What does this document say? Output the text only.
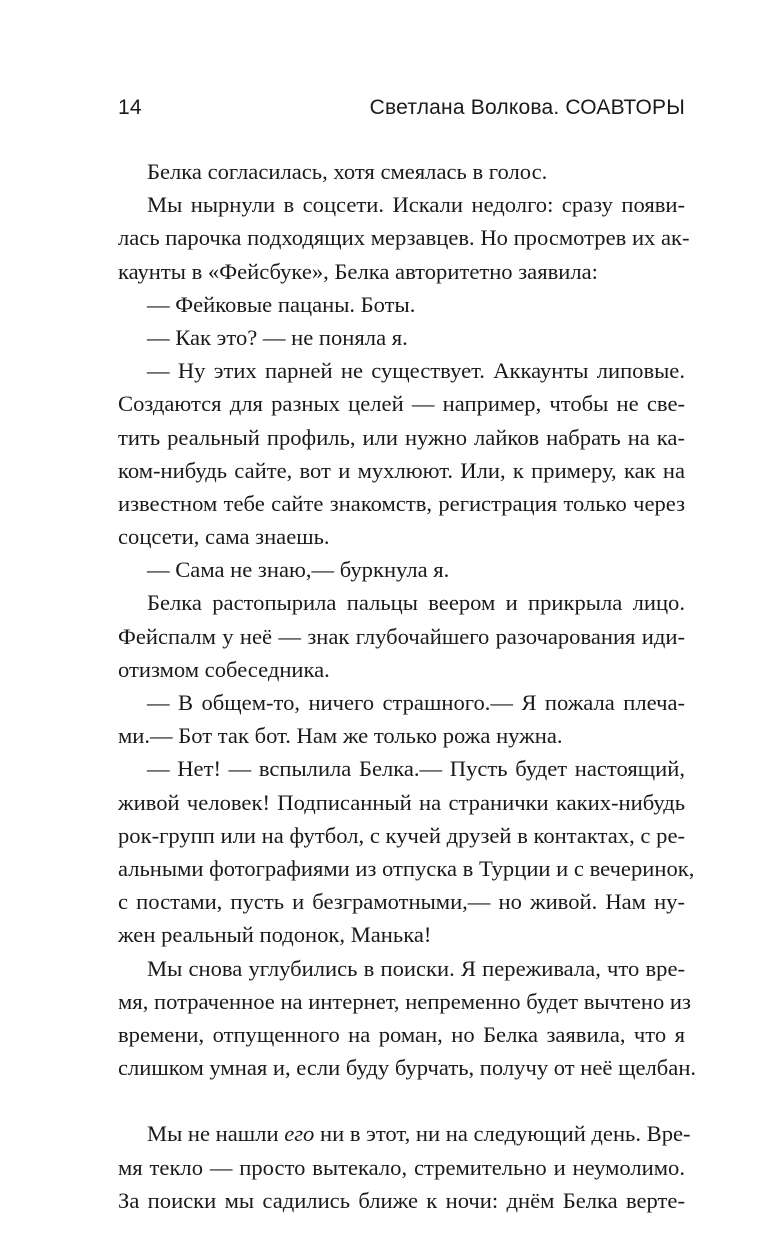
14	Светлана Волкова. СОАВТОРЫ
Белка согласилась, хотя смеялась в голос.
Мы нырнули в соцсети. Искали недолго: сразу появи-
лась парочка подходящих мерзавцев. Но просмотрев их ак-
каунты в «Фейсбуке», Белка авторитетно заявила:
— Фейковые пацаны. Боты.
— Как это? — не поняла я.
— Ну этих парней не существует. Аккаунты липовые.
Создаются для разных целей — например, чтобы не све-
тить реальный профиль, или нужно лайков набрать на ка-
ком-нибудь сайте, вот и мухлюют. Или, к примеру, как на
известном тебе сайте знакомств, регистрация только через
соцсети, сама знаешь.
— Сама не знаю,— буркнула я.
Белка растопырила пальцы веером и прикрыла лицо.
Фейспалм у неё — знак глубочайшего разочарования иди-
отизмом собеседника.
— В общем-то, ничего страшного.— Я пожала плеча-
ми.— Бот так бот. Нам же только рожа нужна.
— Нет! — вспылила Белка.— Пусть будет настоящий,
живой человек! Подписанный на странички каких-нибудь
рок-групп или на футбол, с кучей друзей в контактах, с ре-
альными фотографиями из отпуска в Турции и с вечеринок,
с постами, пусть и безграмотными,— но живой. Нам ну-
жен реальный подонок, Манька!
Мы снова углубились в поиски. Я переживала, что вре-
мя, потраченное на интернет, непременно будет вычтено из
времени, отпущенного на роман, но Белка заявила, что я
слишком умная и, если буду бурчать, получу от неё щелбан.
Мы не нашли его ни в этот, ни на следующий день. Вре-
мя текло — просто вытекало, стремительно и неумолимо.
За поиски мы садились ближе к ночи: днём Белка верте-
